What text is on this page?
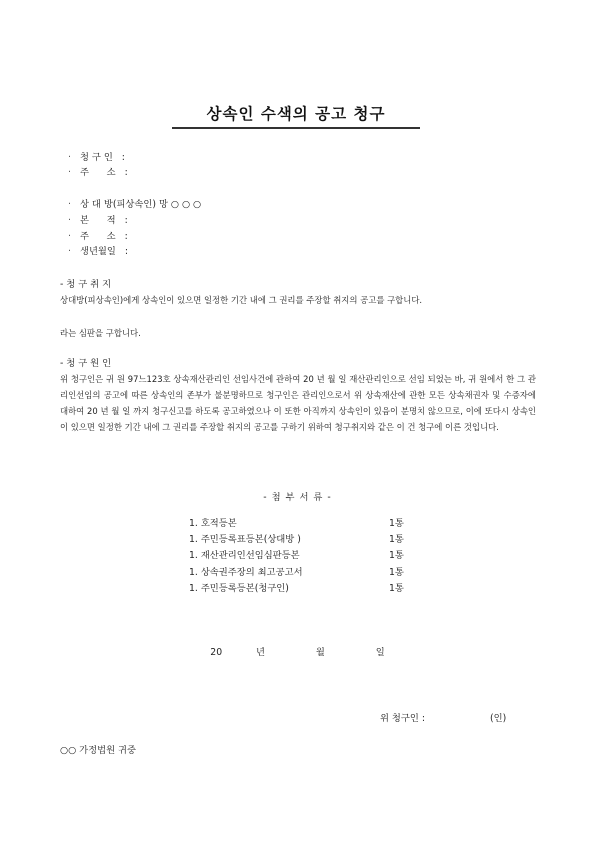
상속인 수색의 공고 청구
· 청 구 인 :
· 주      소 :
· 상 대 방(피상속인) 망 ○ ○ ○
· 본      적 :
· 주      소 :
· 생년월일 :
- 청 구 취 지
상대방(피상속인)에게 상속인이 있으면 일정한 기간 내에 그 권리를 주장할 취지의 공고를 구합니다.
라는 심판을 구합니다.
- 청 구 원 인
위 청구인은 귀 원 97느123호 상속재산관리인 선임사건에 관하여 20 년 월 일 재산관리인으로 선임 되었는 바, 귀 원에서 한 그 관리인선임의 공고에 따른 상속인의 존부가 불분명하므로 청구인은 관리인으로서 위 상속재산에 관한 모든 상속채권자 및 수증자에 대하여 20 년 월 일 까지 청구신고를 하도록 공고하였으나 이 또한 아직까지 상속인이 있음이 분명치 않으므로, 이에 또다시 상속인이 있으면 일정한 기간 내에 그 권리를 주장할 취지의 공고를 구하기 위하여 청구취지와 같은 이 건 청구에 이른 것입니다.
- 첨 부 서 류 -
1. 호적등본	1통
1. 주민등록표등본(상대방 )	1통
1. 재산관리인선임심판등본	1통
1. 상속권주장의 최고공고서	1통
1. 주민등록등본(청구인)	1통
20  년   월   일
위 청구인 :	(인)
○○ 가정법원 귀중
